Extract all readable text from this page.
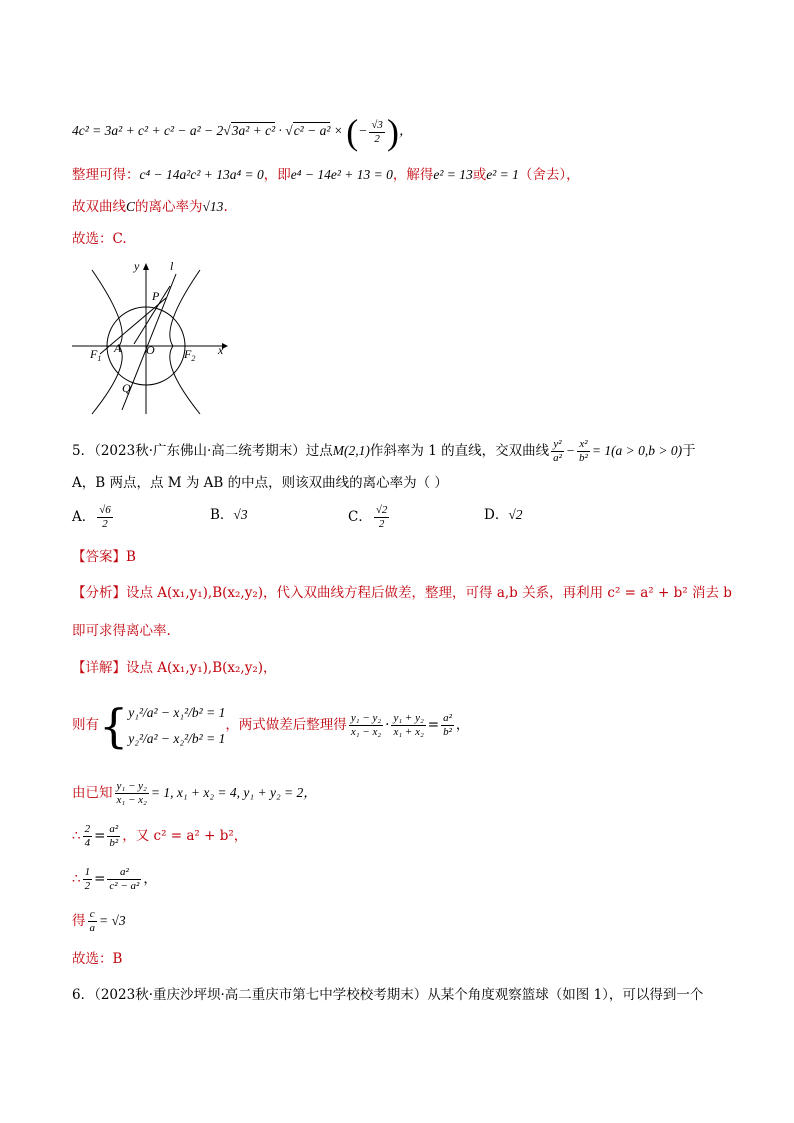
4c² = 3a² + c² + c² − a² − 2√3a² + c² · √c² − a² × (− $\frac{√3}{2}$ )，
整理可得：c⁴ − 14a²c² + 13a⁴ = 0，即e⁴ − 14e² + 13 = 0，解得e² = 13或e² = 1（舍去），
故双曲线C的离心率为√13.
故选：C.
y	l
P
$F_1$
A O $F_2$
x
Q
5．（2023秋·广东佛山·高二统考期末）过点M(2,1)作斜率为 1 的直线，交双曲线 $\frac{\text{y²}}{\text{a²}} - \frac{\text{x²}}{\text{b²}} = 1(a > 0,b > 0)$于
A，B 两点，点 M 为 AB 的中点，则该双曲线的离心率为（ ）
A． $\frac{√6}{2}$	B．√3	C． $\frac{√2}{2}$	D．√2
【答案】B
【分析】设点 A(x₁,y₁),B(x₂,y₂)，代入双曲线方程后做差，整理，可得 a,b 关系，再利用 c² = a² + b² 消去 b
即可求得离心率.
【详解】设点 A(x₁,y₁),B(x₂,y₂)，
则有{ y₁²/a² − x₁²/b² = 1
y₂²/a² − x₂²/b² = 1
，两式做差后整理得 $\frac{\text{y₁ − y₂}}{\text{x₁ − x₂}} \cdot \frac{\text{y₁ + y₂}}{\text{x₁ + x₂}} = \frac{\text{a²}}{\text{b²}}$ ，
由已知 $\frac{\text{y₁ − y₂}}{\text{x₁ − x₂}} = 1$, x₁ + x₂ = 4, y₁ + y₂ = 2，
∴ $\frac{2}{4} = \frac{\text{a²}}{\text{b²}}$ ，又 c² = a² + b²，
∴ $\frac{1}{2} = \frac{\text{a²}}{\text{c² − a²}}$ ，
得 $\frac{c}{a} = √3$
故选：B
6．（2023秋·重庆沙坪坝·高二重庆市第七中学校校考期末）从某个角度观察篮球（如图 1），可以得到一个
